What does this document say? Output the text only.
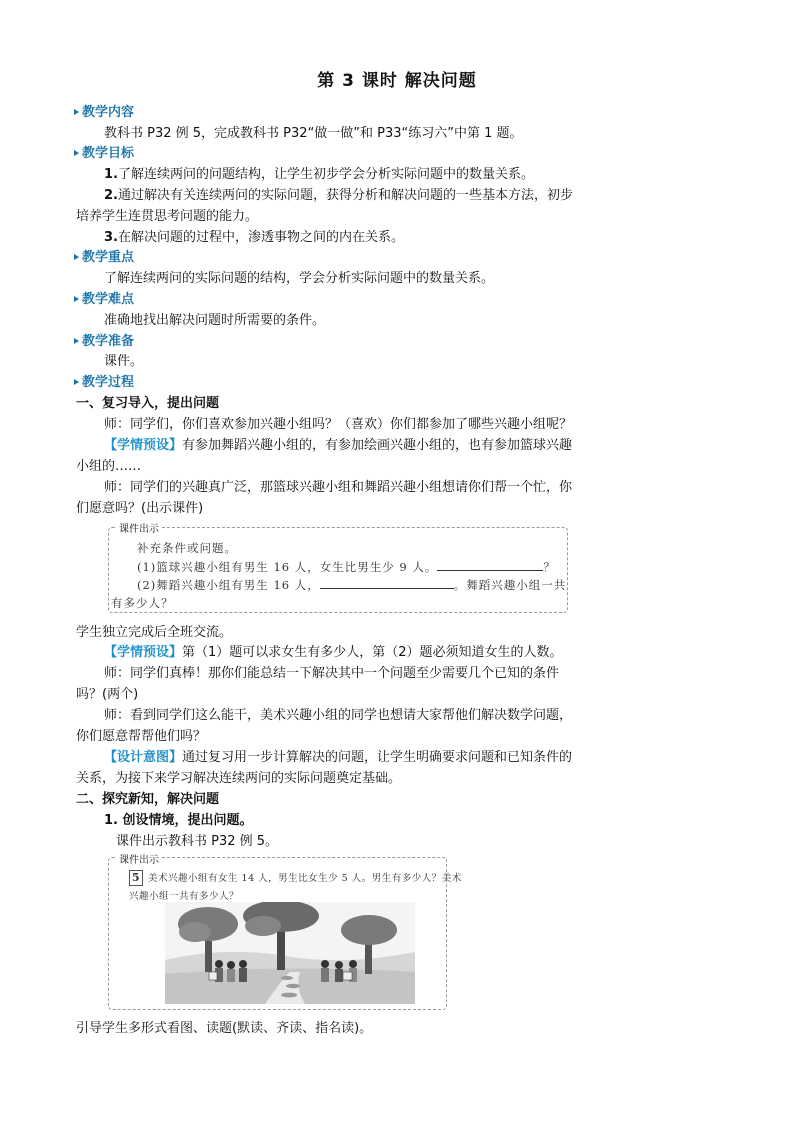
第 3 课时 解决问题
教学内容
教科书 P32 例 5，完成教科书 P32“做一做”和 P33“练习六”中第 1 题。
教学目标
1.了解连续两问的问题结构，让学生初步学会分析实际问题中的数量关系。
2.通过解决有关连续两问的实际问题，获得分析和解决问题的一些基本方法，初步
培养学生连贯思考问题的能力。
3.在解决问题的过程中，渗透事物之间的内在关系。
教学重点
了解连续两问的实际问题的结构，学会分析实际问题中的数量关系。
教学难点
准确地找出解决问题时所需要的条件。
教学准备
课件。
教学过程
一、复习导入，提出问题
师：同学们，你们喜欢参加兴趣小组吗？（喜欢）你们都参加了哪些兴趣小组呢？
【学情预设】有参加舞蹈兴趣小组的，有参加绘画兴趣小组的，也有参加篮球兴趣
小组的……
师：同学们的兴趣真广泛，那篮球兴趣小组和舞蹈兴趣小组想请你们帮一个忙，你
们愿意吗？(出示课件)
课件出示
补充条件或问题。
(1)篮球兴趣小组有男生 16 人，女生比男生少 9 人。	？
(2)舞蹈兴趣小组有男生 16 人，	。舞蹈兴趣小组一共
有多少人？
学生独立完成后全班交流。
【学情预设】第（1）题可以求女生有多少人，第（2）题必须知道女生的人数。
师：同学们真棒！那你们能总结一下解决其中一个问题至少需要几个已知的条件
吗？(两个)
师：看到同学们这么能干，美术兴趣小组的同学也想请大家帮他们解决数学问题，
你们愿意帮帮他们吗？
【设计意图】通过复习用一步计算解决的问题，让学生明确要求问题和已知条件的
关系，为接下来学习解决连续两问的实际问题奠定基础。
二、探究新知，解决问题
1. 创设情境，提出问题。
课件出示教科书 P32 例 5。
课件出示
5 美术兴趣小组有女生 14 人，男生比女生少 5 人。男生有多少人？美术
兴趣小组一共有多少人？
引导学生多形式看图、读题(默读、齐读、指名读)。
